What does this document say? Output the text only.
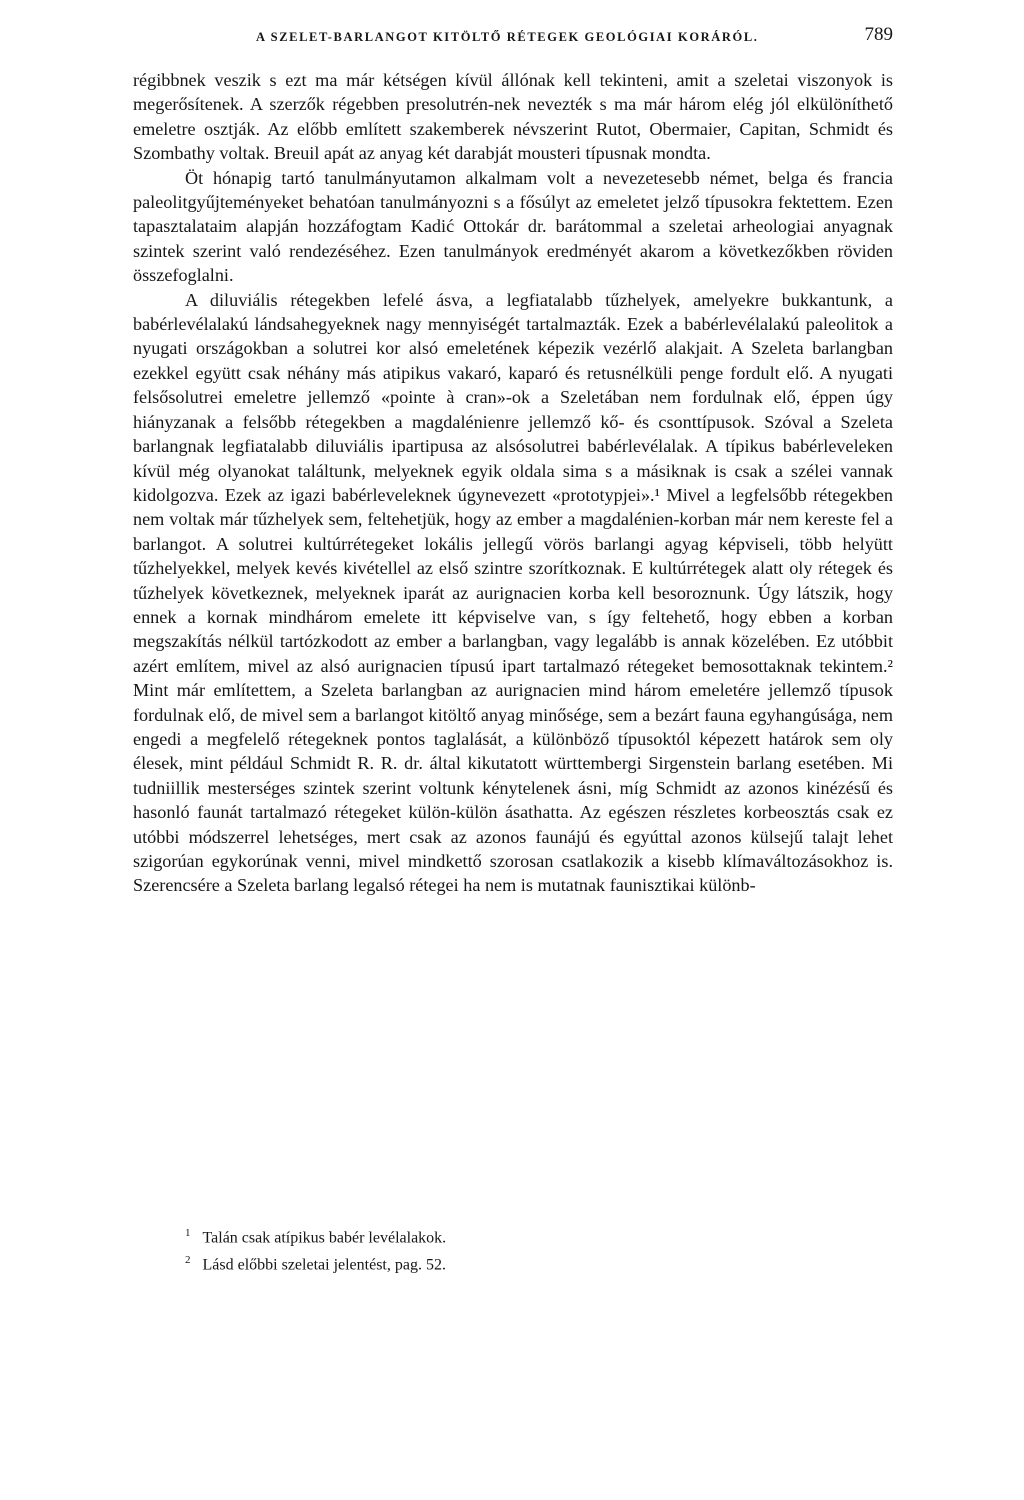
A SZELET-BARLANGOT KITÖLTŐ RÉTEGEK GEOLÓGIAI KORÁRÓL.	789

régibbnek veszik s ezt ma már kétségen kívül állónak kell tekinteni, amit a szeletai viszonyok is megerősítenek. A szerzők régebben presolutrén-nek nevezték s ma már három elég jól elkülöníthető emeletre osztják. Az előbb említett szakemberek névszerint Rutot, Obermaier, Capitan, Schmidt és Szombathy voltak. Breuil apát az anyag két darabját mousteri típusnak mondta.

Öt hónapig tartó tanulmányutamon alkalmam volt a nevezetesebb német, belga és francia paleolitgyűjteményeket behatóan tanulmányozni s a fősúlyt az emeletet jelző típusokra fektettem. Ezen tapasztalataim alapján hozzáfogtam Kadić Ottokár dr. barátommal a szeletai arheologiai anyagnak szintek szerint való rendezéséhez. Ezen tanulmányok eredményét akarom a következőkben röviden összefoglalni.

A diluviális rétegekben lefelé ásva, a legfiatalabb tűzhelyek, amelyekre bukkantunk, a babérlevélalakú lándsahegyeknek nagy mennyiségét tartalmazták. Ezek a babérlevélalakú paleolitok a nyugati országokban a solutrei kor alsó emeletének képezik vezérlő alakjait. A Szeleta barlangban ezekkel együtt csak néhány más atipikus vakaró, kaparó és retusnélküli penge fordult elő. A nyugati felsősolutrei emeletre jellemző «pointe à cran»-ok a Szeletában nem fordulnak elő, éppen úgy hiányzanak a felsőbb rétegekben a magdalénienre jellemző kő- és csonttípusok. Szóval a Szeleta barlangnak legfiatalabb diluviális ipartipusa az alsósolutrei babérlevélalak. A típikus babérleveleken kívül még olyanokat találtunk, melyeknek egyik oldala sima s a másiknak is csak a szélei vannak kidolgozva. Ezek az igazi babérleveleknek úgynevezett «prototypjei».¹ Mivel a legfelsőbb rétegekben nem voltak már tűzhelyek sem, feltehetjük, hogy az ember a magdalénien-korban már nem kereste fel a barlangot. A solutrei kultúrrétegeket lokális jellegű vörös barlangi agyag képviseli, több helyütt tűzhelyekkel, melyek kevés kivétellel az első szintre szorítkoznak. E kultúrrétegek alatt oly rétegek és tűzhelyek következnek, melyeknek iparát az aurignacien korba kell besoroznunk. Úgy látszik, hogy ennek a kornak mindhárom emelete itt képviselve van, s így feltehető, hogy ebben a korban megszakítás nélkül tartózkodott az ember a barlangban, vagy legalább is annak közelében. Ez utóbbit azért említem, mivel az alsó aurignacien típusú ipart tartalmazó rétegeket bemosottaknak tekintem.² Mint már említettem, a Szeleta barlangban az aurignacien mind három emeletére jellemző típusok fordulnak elő, de mivel sem a barlangot kitöltő anyag minősége, sem a bezárt fauna egyhangúsága, nem engedi a megfelelő rétegeknek pontos taglalását, a különböző típusoktól képezett határok sem oly élesek, mint például Schmidt R. R. dr. által kikutatott württembergi Sirgenstein barlang esetében. Mi tudniillik mesterséges szintek szerint voltunk kénytelenek ásni, míg Schmidt az azonos kinézésű és hasonló faunát tartalmazó rétegeket külön-külön ásathatta. Az egészen részletes korbeosztás csak ez utóbbi módszerrel lehetséges, mert csak az azonos faunájú és egyúttal azonos külsejű talajt lehet szigorúan egykorúnak venni, mivel mindkettő szorosan csatlakozik a kisebb klímaváltozásokhoz is. Szerencsére a Szeleta barlang legalsó rétegei ha nem is mutatnak faunisztikai különb-

$^1$ Talán csak atípikus babér levélalakok.

$^2$ Lásd előbbi szeletai jelentést, pag. 52.
